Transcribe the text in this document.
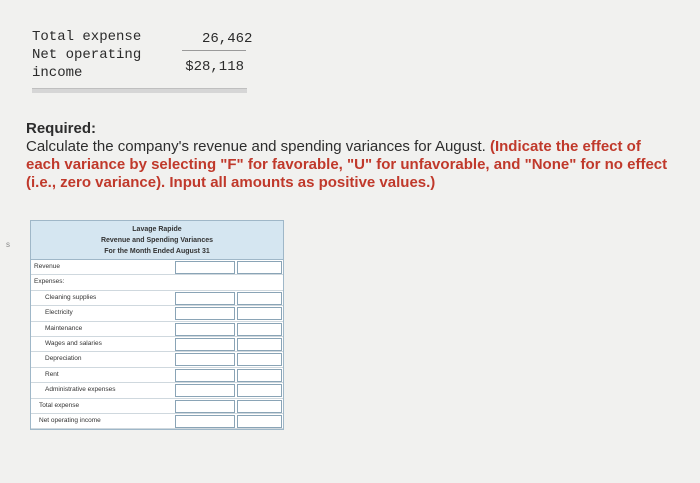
Total expense	26,462
Net operating income	$28,118
Required:
Calculate the company's revenue and spending variances for August. (Indicate the effect of each variance by selecting "F" for favorable, "U" for unfavorable, and "None" for no effect (i.e., zero variance). Input all amounts as positive values.)
s
Lavage Rapide
Revenue and Spending Variances
For the Month Ended August 31
Revenue
Expenses:
Cleaning supplies
Electricity
Maintenance
Wages and salaries
Depreciation
Rent
Administrative expenses
Total expense
Net operating income
